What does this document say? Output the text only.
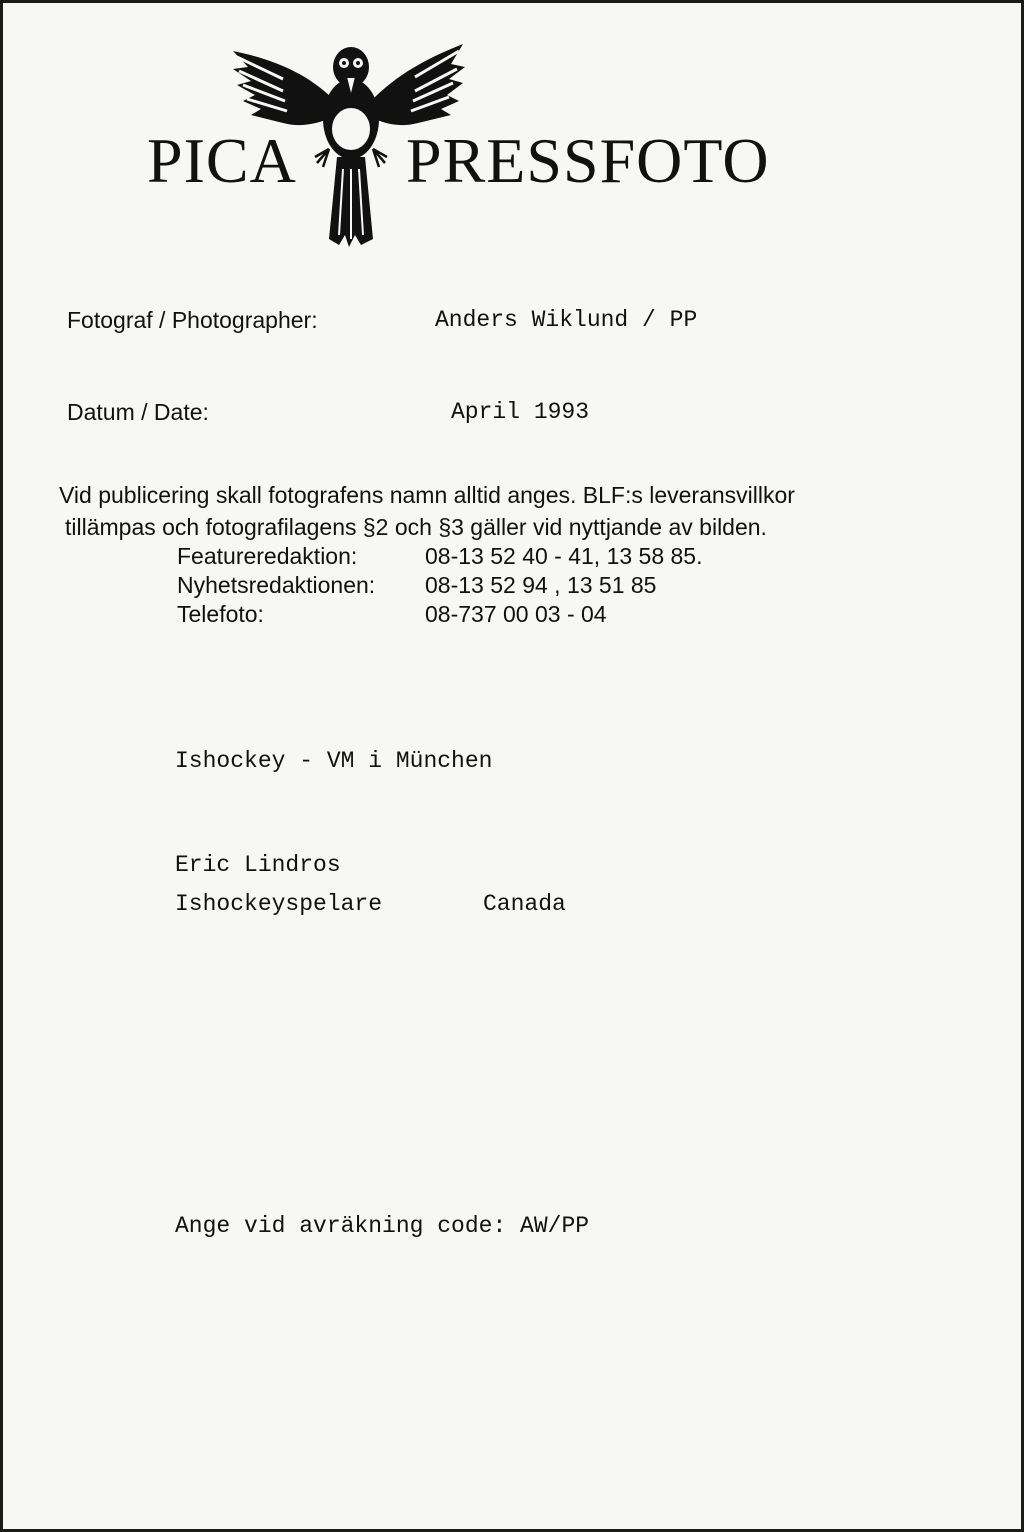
PICA PRESSFOTO
Fotograf / Photographer:	Anders Wiklund / PP
Datum / Date:	April 1993
Vid publicering skall fotografens namn alltid anges. BLF:s leveransvillkor
tillämpas och fotografilagens §2 och §3 gäller vid nyttjande av bilden.
Featureredaktion:	08-13 52 40 - 41, 13 58 85.
Nyhetsredaktionen: 08-13 52 94 , 13 51 85
Telefoto:	08-737 00 03 - 04
Ishockey - VM i München
Eric Lindros
Ishockeyspelare	Canada
Ange vid avräkning code: AW/PP
